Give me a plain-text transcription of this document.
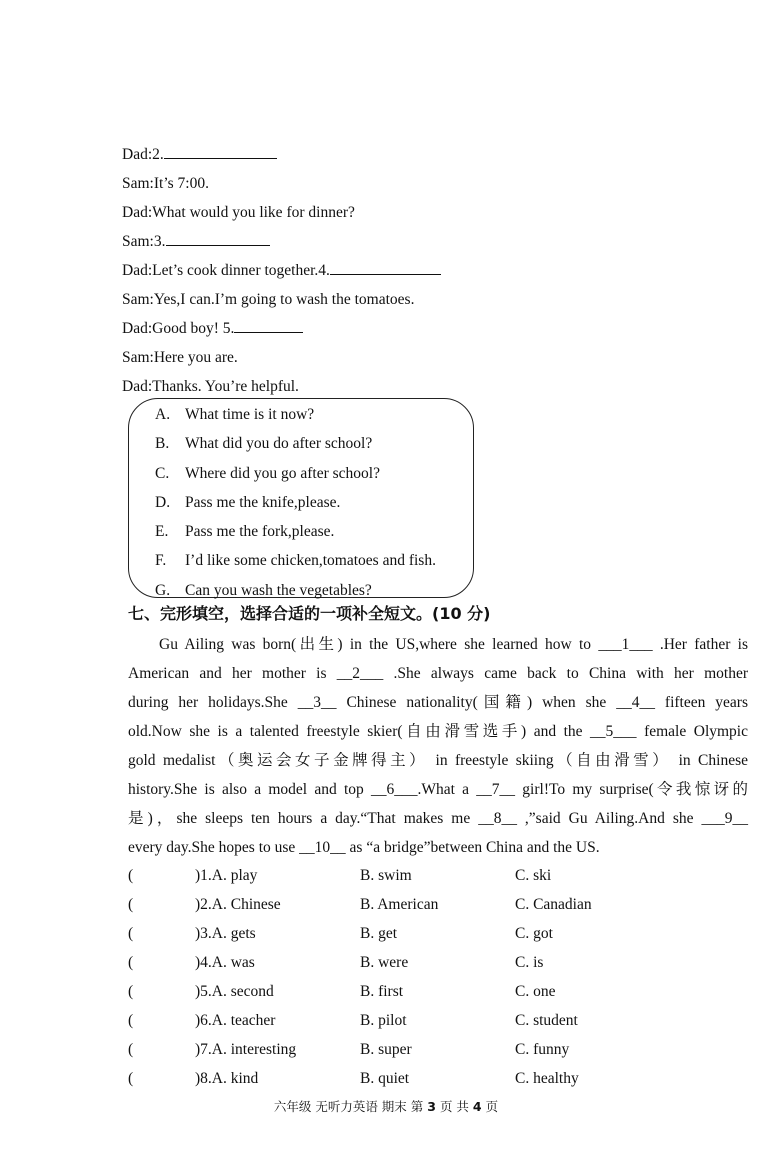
Dad:2.
Sam:It’s 7:00.
Dad:What would you like for dinner?
Sam:3.
Dad:Let’s cook dinner together.4.
Sam:Yes,I can.I’m going to wash the tomatoes.
Dad:Good boy! 5.
Sam:Here you are.
Dad:Thanks. You’re helpful.
A. What time is it now?
B. What did you do after school?
C. Where did you go after school?
D. Pass me the knife,please.
E. Pass me the fork,please.
F. I’d like some chicken,tomatoes and fish.
G. Can you wash the vegetables?
七、完形填空，选择合适的一项补全短文。(10 分)
Gu Ailing was born(出生) in the US,where she learned how to ___1___ .Her father is
American and her mother is __2___ .She always came back to China with her mother
during her holidays.She __3__ Chinese nationality(国籍) when she __4__ fifteen years
old.Now she is a talented freestyle skier(自由滑雪选手) and the __5___ female Olympic
gold medalist（奥运会女子金牌得主） in freestyle skiing（自由滑雪） in Chinese
history.She is also a model and top __6___.What a __7__ girl!To my surprise(令我惊讶的
是)，she sleeps ten hours a day.“That makes me __8__ ,”said Gu Ailing.And she ___9__
every day.She hopes to use __10__ as “a bridge”between China and the US.
(	)1.A. play	B. swim	C. ski
(	)2.A. Chinese	B. American	C. Canadian
(	)3.A. gets	B. get	C. got
(	)4.A. was	B. were	C. is
(	)5.A. second	B. first	C. one
(	)6.A. teacher	B. pilot	C. student
(	)7.A. interesting	B. super	C. funny
(	)8.A. kind	B. quiet	C. healthy
六年级 无听力英语 期末 第 3 页 共 4 页
